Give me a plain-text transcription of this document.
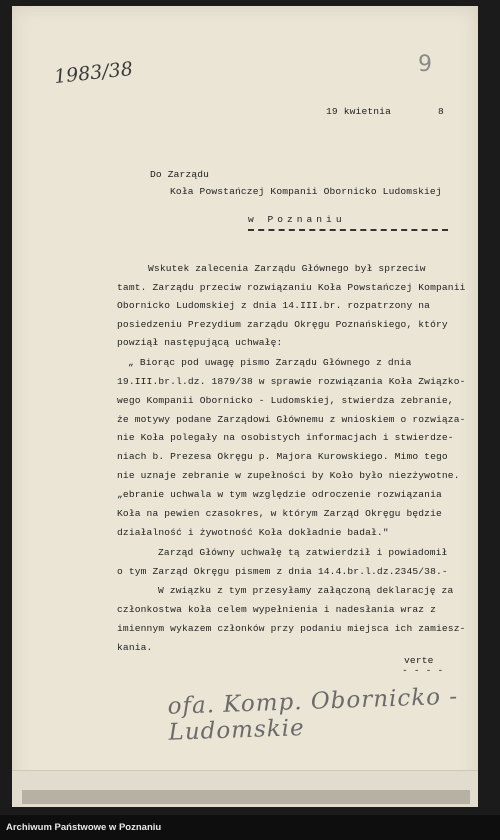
1983/38	9
19 kwietnia	8
Do Zarządu
Koła Powstańczej Kompanii Obornicko Ludomskiej
w Poznaniu
Wskutek zalecenia Zarządu Głównego był sprzeciw
tamt. Zarządu przeciw rozwiązaniu Koła Powstańczej Kompanii
Obornicko Ludomskiej z dnia 14.III.br. rozpatrzony na
posiedzeniu Prezydium zarządu Okręgu Poznańskiego, który
powziął następującą uchwałę:
„ Biorąc pod uwagę pismo Zarządu Głównego z dnia
19.III.br.l.dz. 1879/38 w sprawie rozwiązania Koła Związko-
wego Kompanii Obornicko - Ludomskiej, stwierdza zebranie,
że motywy podane Zarządowi Głównemu z wnioskiem o rozwiąza-
nie Koła polegały na osobistych informacjach i stwierdze-
niach b. Prezesa Okręgu p. Majora Kurowskiego. Mimo tego
nie uznaje zebranie w zupełności by Koło było niezżywotne.
„ebranie uchwala w tym względzie odroczenie rozwiązania
Koła na pewien czasokres, w którym Zarząd Okręgu będzie
działalność i żywotność Koła dokładnie badał."
Zarząd Główny uchwałę tą zatwierdził i powiadomił
o tym Zarząd Okręgu pismem z dnia 14.4.br.l.dz.2345/38.-
W związku z tym przesyłamy załączoną deklarację za
członkostwa koła celem wypełnienia i nadesłania wraz z
imiennym wykazem członków przy podaniu miejsca ich zamiesz-
kania.
verte
- - - -
ofa. Komp. Obornicko - Ludomskie
Archiwum Państwowe w Poznaniu
